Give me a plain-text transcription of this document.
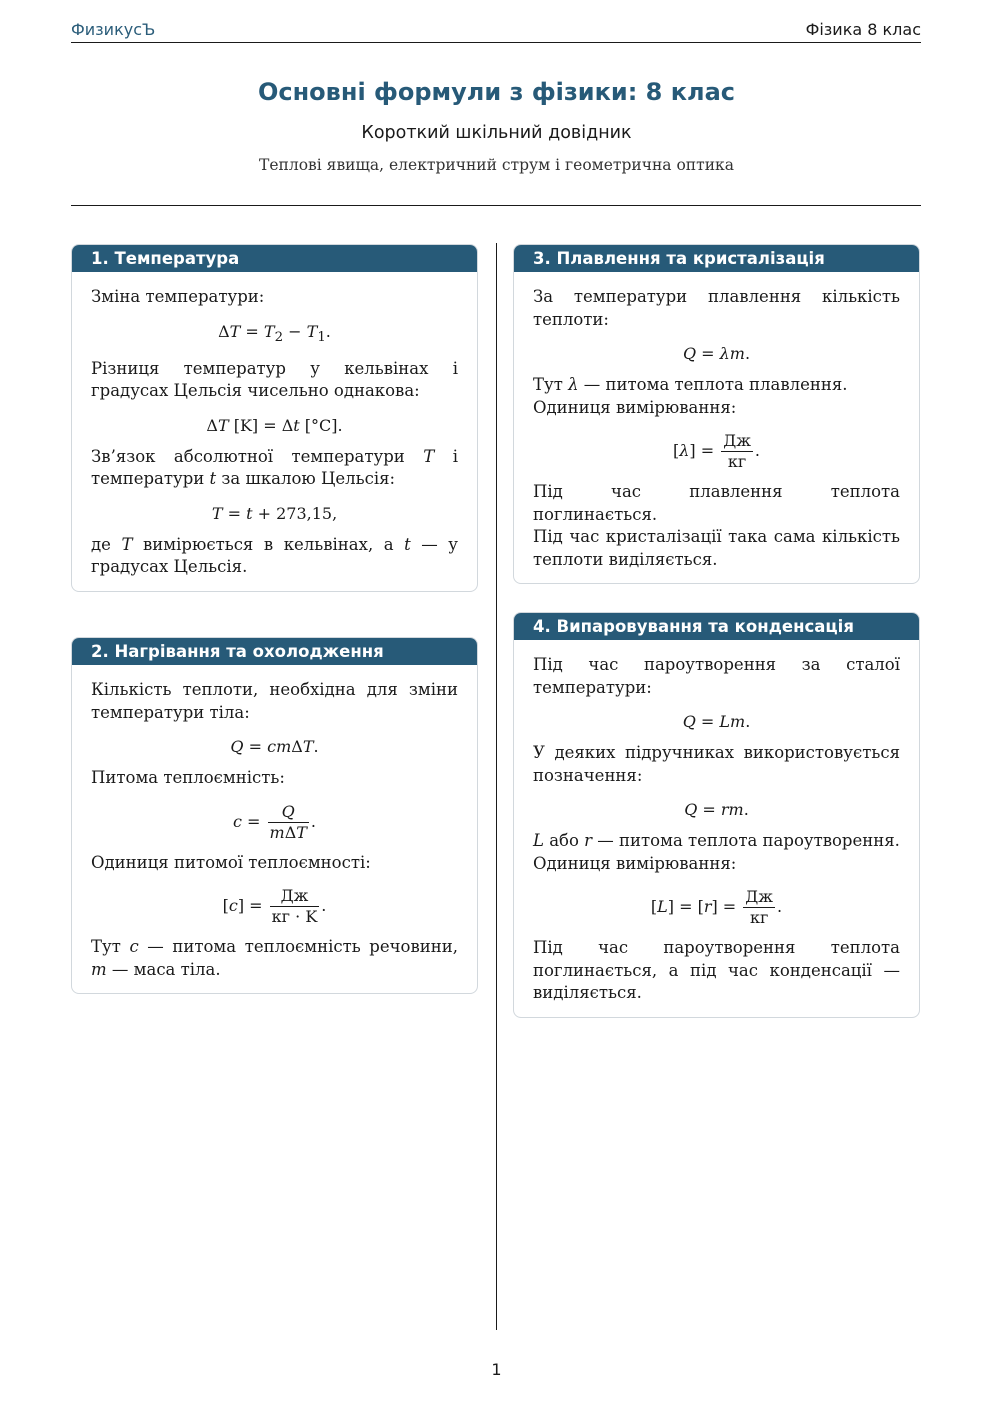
ФизикусЪ	Фізика 8 клас
Основні формули з фізики: 8 клас
Короткий шкільний довідник
Теплові явища, електричний струм і геометрична оптика
1. Температура

Зміна температури:

$\Delta T = T_2 - T_1$.

Різниця температур у кельвінах і градусах Цельсія чисельно однакова:

ΔT [K] = Δt [°C].

Зв’язок абсолютної температури T і температури t за шкалою Цельсія:

T = t + 273,15,

де T вимірюється в кельвінах, а t — у градусах Цельсія.

2. Нагрівання та охолодження

Кількість теплоти, необхідна для зміни температури тіла:

Q = cmΔT.

Питома теплоємність:

$c = \frac{Q}{\text{mΔT}}$ .

Одиниця питомої теплоємності:

$[c] = \frac{Дж}{кг \cdot K}$ .

Тут c — питома теплоємність речовини, m — маса тіла.

3. Плавлення та кристалізація

За температури плавлення кількість теплоти:

Q = λm.

Тут λ — питома теплота плавлення.

Одиниця вимірювання:

$[\lambda] = \frac{Дж}{кг}$ .

Під час плавлення теплота поглинається.

Під час кристалізації така сама кількість теплоти виділяється.

4. Випаровування та конденсація

Під час пароутворення за сталої температури:

Q = Lm.

У деяких підручниках використовується позначення:

Q = rm.

L або r — питома теплота пароутворення.

Одиниця вимірювання:

$[L] = [r] = \frac{Дж}{кг}$ .

Під час пароутворення теплота поглинається, а під час конденсації — виділяється.

1
